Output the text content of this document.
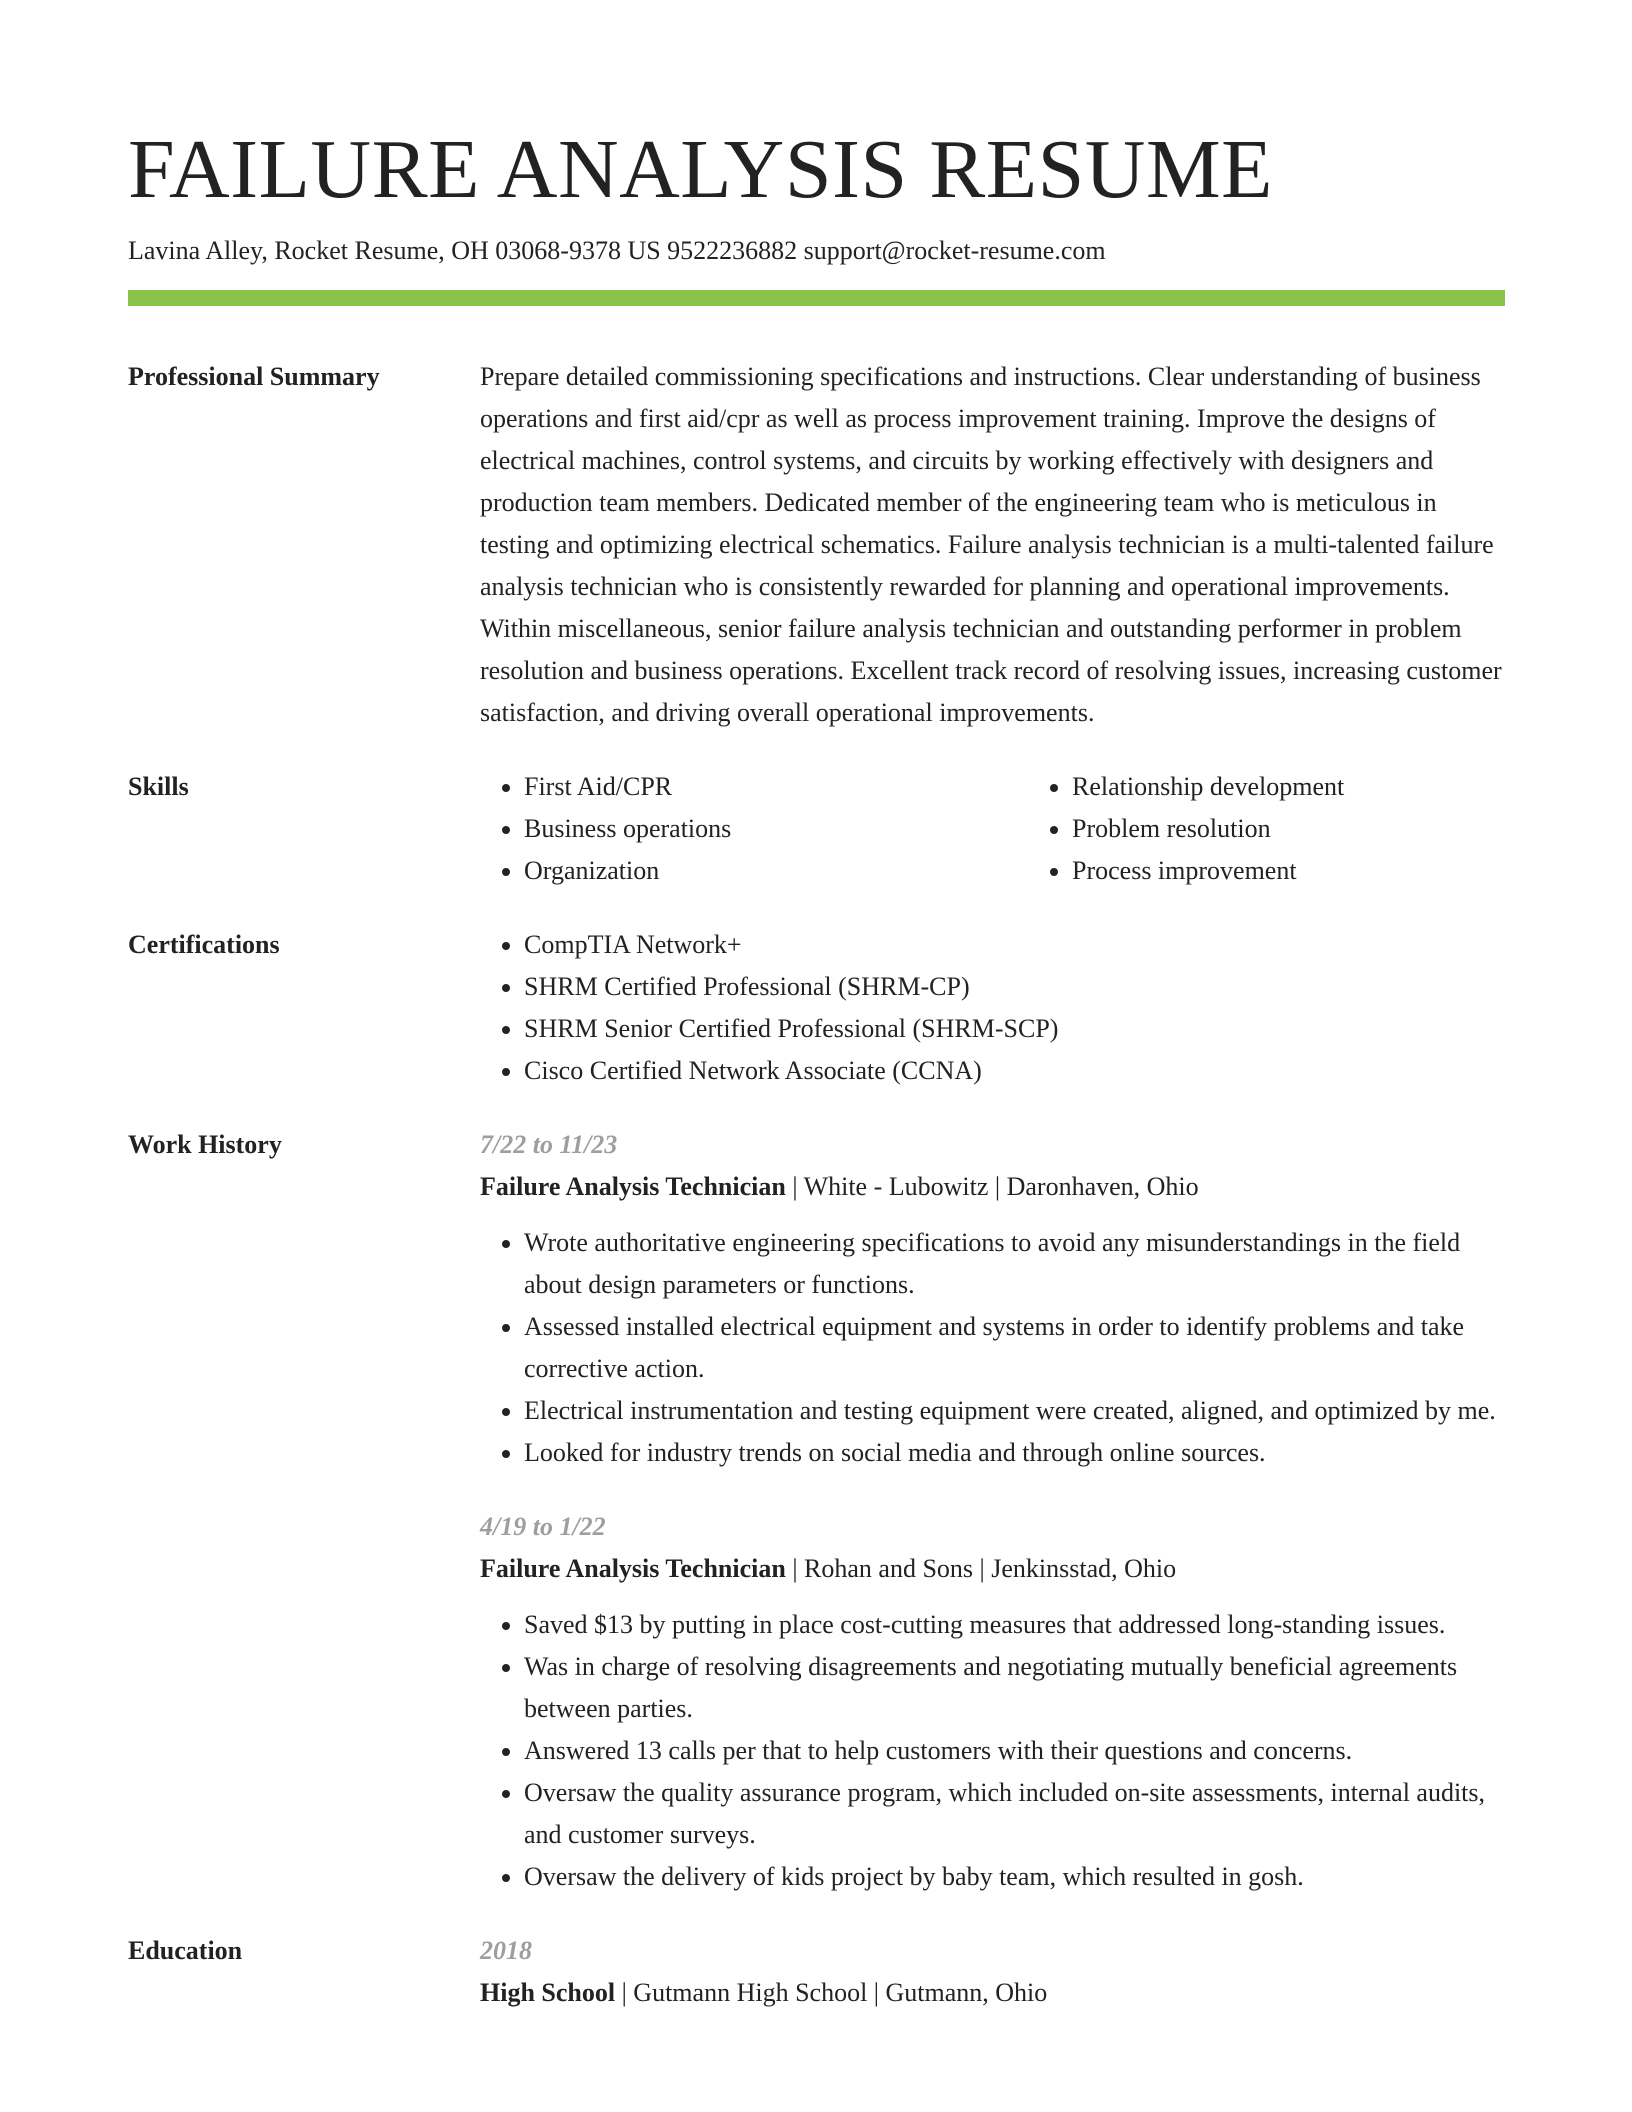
FAILURE ANALYSIS RESUME
Lavina Alley, Rocket Resume, OH 03068-9378 US 9522236882 support@rocket-resume.com
Professional Summary	Prepare detailed commissioning specifications and instructions. Clear understanding of business operations and first aid/cpr as well as process improvement training. Improve the designs of electrical machines, control systems, and circuits by working effectively with designers and production team members. Dedicated member of the engineering team who is meticulous in testing and optimizing electrical schematics. Failure analysis technician is a multi-talented failure analysis technician who is consistently rewarded for planning and operational improvements. Within miscellaneous, senior failure analysis technician and outstanding performer in problem resolution and business operations. Excellent track record of resolving issues, increasing customer satisfaction, and driving overall operational improvements.

Skills	• First Aid/CPR
• Business operations
• Organization
• Relationship development
• Problem resolution
• Process improvement
Certifications	• CompTIA Network+
• SHRM Certified Professional (SHRM-CP)
• SHRM Senior Certified Professional (SHRM-SCP)
• Cisco Certified Network Associate (CCNA)
Work History	7/22 to 11/23
Failure Analysis Technician | White - Lubowitz | Daronhaven, Ohio
• Wrote authoritative engineering specifications to avoid any misunderstandings in the field about design parameters or functions.
• Assessed installed electrical equipment and systems in order to identify problems and take corrective action.
• Electrical instrumentation and testing equipment were created, aligned, and optimized by me.
• Looked for industry trends on social media and through online sources.
4/19 to 1/22
Failure Analysis Technician | Rohan and Sons | Jenkinsstad, Ohio
• Saved $13 by putting in place cost-cutting measures that addressed long-standing issues.
• Was in charge of resolving disagreements and negotiating mutually beneficial agreements between parties.
• Answered 13 calls per that to help customers with their questions and concerns.
• Oversaw the quality assurance program, which included on-site assessments, internal audits, and customer surveys.
• Oversaw the delivery of kids project by baby team, which resulted in gosh.
Education	2018
High School | Gutmann High School | Gutmann, Ohio
